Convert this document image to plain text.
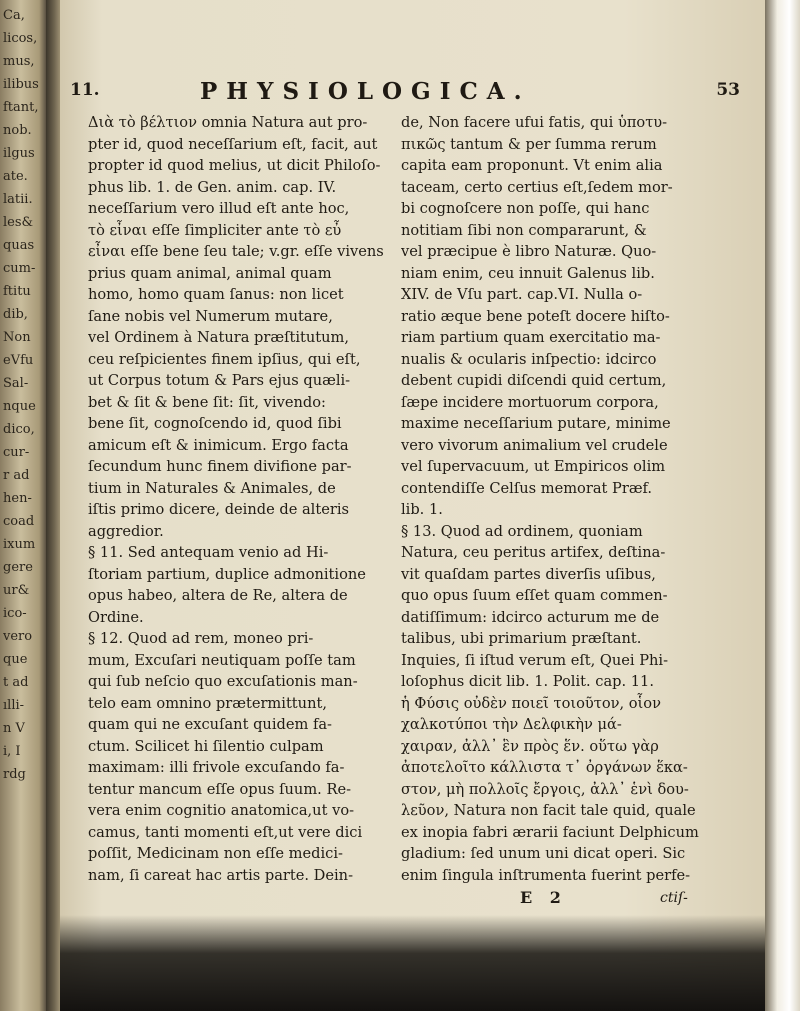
Ca,
licos,
mus,
ilibus
ftant,
nob.
ilgus
ate.
latii.
les&
quas
cum-
ftitu
dib,
Non
eVfu
Sal-
nque
dico,
cur-
r ad
hen-
coad
ixum
gere
ur&
ico-
vero
que
t ad
ılli-
n V
i, I
rdg
11.	PHYSIOLOGICA.	53
Διὰ τὸ βέλτιον omnia Natura aut pro-
pter id, quod neceſſarium eſt, facit, aut
propter id quod melius, ut dicit Philoſo-
phus lib. 1. de Gen. anim. cap. IV.
neceſſarium vero illud eſt ante hoc,
τὸ εἶναι eſſe ſimpliciter ante τὸ εὖ
εἶναι eſſe bene ſeu tale; v.gr. eſſe vivens
prius quam animal, animal quam
homo, homo quam ſanus: non licet
ſane nobis vel Numerum mutare,
vel Ordinem à Natura præſtitutum,
ceu reſpicientes finem ipſius, qui eſt,
ut Corpus totum & Pars ejus quæli-
bet & ſit & bene ſit: ſit, vivendo:
bene ſit, cognoſcendo id, quod ſibi
amicum eſt & inimicum. Ergo facta
ſecundum hunc finem divifione par-
tium in Naturales & Animales, de
iſtis primo dicere, deinde de alteris
aggredior.
§ 11. Sed antequam venio ad Hi-
ſtoriam partium, duplice admonitione
opus habeo, altera de Re, altera de
Ordine.
§ 12. Quod ad rem, moneo pri-
mum, Excuſari neutiquam poſſe tam
qui ſub neſcio quo excuſationis man-
telo eam omnino prætermittunt,
quam qui ne excuſant quidem fa-
ctum. Scilicet hi ſilentio culpam
maximam: illi frivole excuſando fa-
tentur mancum eſſe opus ſuum. Re-
vera enim cognitio anatomica,ut vo-
camus, tanti momenti eſt,ut vere dici
poſſit, Medicinam non eſſe medici-
nam, ſi careat hac artis parte. Dein-
de, Non facere ufui fatis, qui ὑποτυ-
πικῶς tantum & per ſumma rerum
capita eam proponunt. Vt enim alia
taceam, certo certius eſt,ſedem mor-
bi cognoſcere non poſſe, qui hanc
notitiam ſibi non compararunt, &
vel præcipue è libro Naturæ. Quo-
niam enim, ceu innuit Galenus lib.
XIV. de Vſu part. cap.VI. Nulla o-
ratio æque bene poteſt docere hiſto-
riam partium quam exercitatio ma-
nualis & ocularis inſpectio: idcirco
debent cupidi diſcendi quid certum,
ſæpe incidere mortuorum corpora,
maxime neceſſarium putare, minime
vero vivorum animalium vel crudele
vel ſupervacuum, ut Empiricos olim
contendiſſe Celſus memorat Præf.
lib. 1.
§ 13. Quod ad ordinem, quoniam
Natura, ceu peritus artifex, deſtina-
vit quaſdam partes diverſis uſibus,
quo opus ſuum eſſet quam commen-
datiſſimum: idcirco acturum me de
talibus, ubi primarium præſtant.
Inquies, ſi iſtud verum eſt, Quei Phi-
loſophus dicit lib. 1. Polit. cap. 11.
ἡ Φύσις οὐδὲν ποιεῖ τοιοῦτον, οἷον
χαλκοτύποι τὴν Δελφικὴν μά-
χαιραν, ἀλλ᾽ ἓν πρὸς ἕν. οὕτω γὰρ
ἀποτελοῖτο κάλλιστα τ᾽ ὀργάνων ἕκα-
στον, μὴ πολλοῖς ἔργοις, ἀλλ᾽ ἑνὶ δου-
λεῦον, Natura non facit tale quid, quale
ex inopia fabri ærarii faciunt Delphicum
gladium: ſed unum uni dicat operi. Sic
enim ſingula inſtrumenta fuerint perfe-
E 2	ctiſ-
